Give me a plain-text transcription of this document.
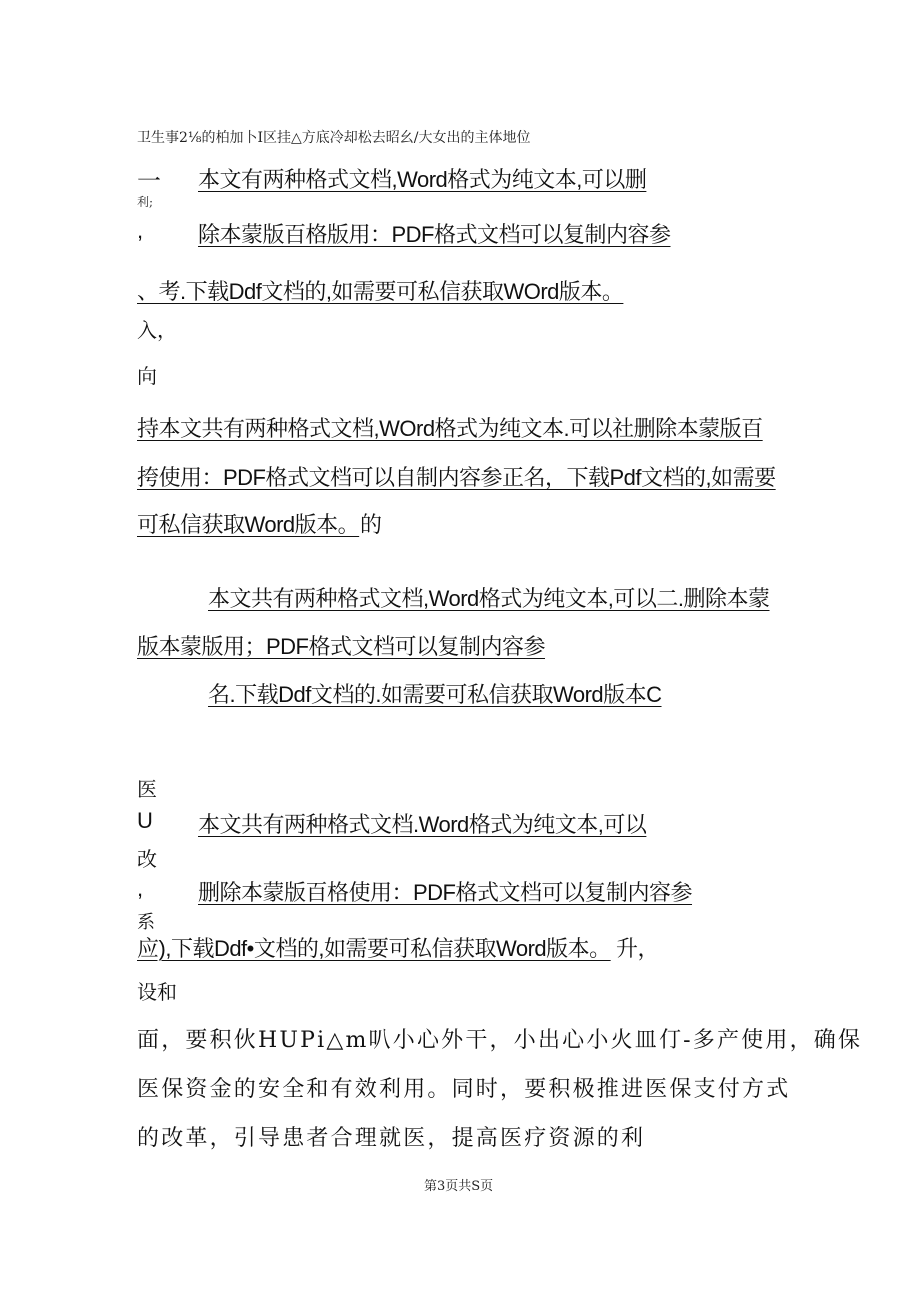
卫生事2⅛的柏加卜I区挂△方底冷却松去昭幺/大女出的主体地位
一 本文有两种格式文档,Word格式为纯文本,可以删
利;
,	除本蒙版百格版用：PDF格式文档可以复制内容参
、考.下载Ddf文档的,如需要可私信获取WOrd版本。
入，
向
持本文共有两种格式文档,WOrd格式为纯文本.可以社删除本蒙版百
挎使用：PDF格式文档可以自制内容参正名，下载Pdf文档的,如需要
可私信获取Word版本。 的
本文共有两种格式文档,Word格式为纯文本,可以二.删除本蒙
版本蒙版用；PDF格式文档可以复制内容参
名.下载Ddf文档的.如需要可私信获取Word版本C
医
U 本文共有两种格式文档.Word格式为纯文本,可以
改
,	删除本蒙版百格使用：PDF格式文档可以复制内容参
系
应),下载Ddf•文档的,如需要可私信获取Word版本。 升，
设和
面，要积伙HUPi△m叭小心外干，小出心小火皿仃-多产使用，确保
医保资金的安全和有效利用。同时，要积极推进医保支付方式
的改革，引导患者合理就医，提高医疗资源的利
第3页共S页
